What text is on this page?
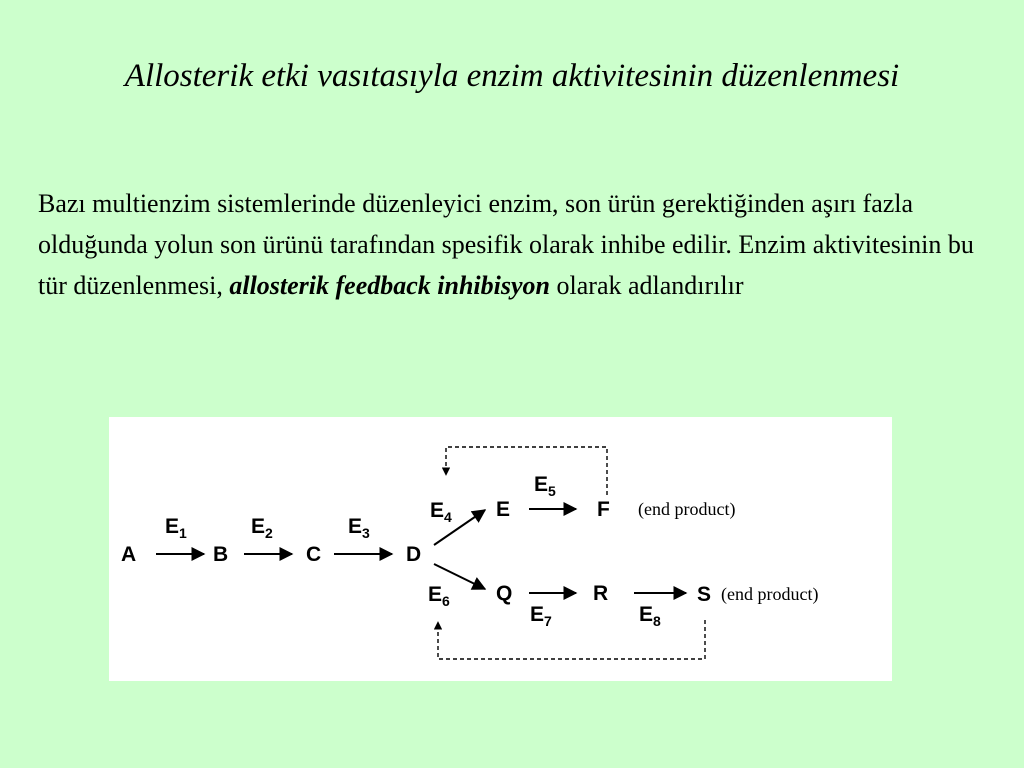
Allosterik etki vasıtasıyla enzim aktivitesinin düzenlenmesi

Bazı multienzim sistemlerinde düzenleyici enzim, son ürün gerektiğinden aşırı fazla olduğunda yolun son ürünü tarafından spesifik olarak inhibe edilir. Enzim aktivitesinin bu tür düzenlenmesi, allosterik feedback inhibisyon olarak adlandırılır

A
$E_1$
B
$E_2$
C
$E_3$
D
$E_4$ E
$E_5$
F (end product)
$E_6$ Q
$E_7$
R
$E_8$
S (end product)
